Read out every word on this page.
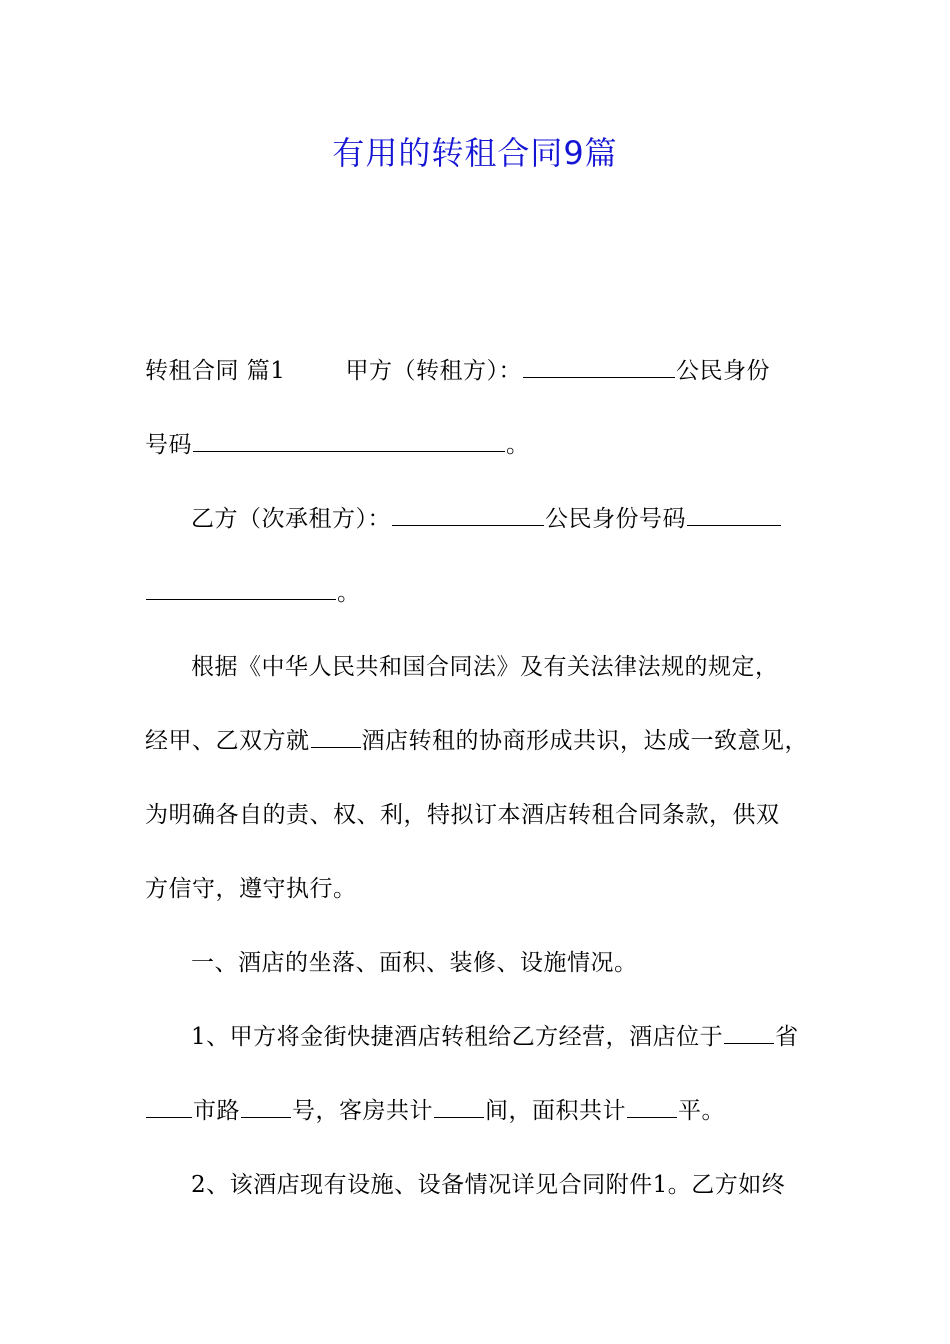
有用的转租合同9篇
转租合同 篇1	甲方（转租方）：	公民身份
号码	。
乙方（次承租方）：	公民身份号码
。
根据《中华人民共和国合同法》及有关法律法规的规定，
经甲、乙双方就 酒店转租的协商形成共识，达成一致意见，
为明确各自的责、权、利，特拟订本酒店转租合同条款，供双
方信守，遵守执行。
一、酒店的坐落、面积、装修、设施情况。
1、甲方将金街快捷酒店转租给乙方经营，酒店位于 省
市路 号，客房共计 间，面积共计 平。
2、该酒店现有设施、设备情况详见合同附件1。乙方如终
